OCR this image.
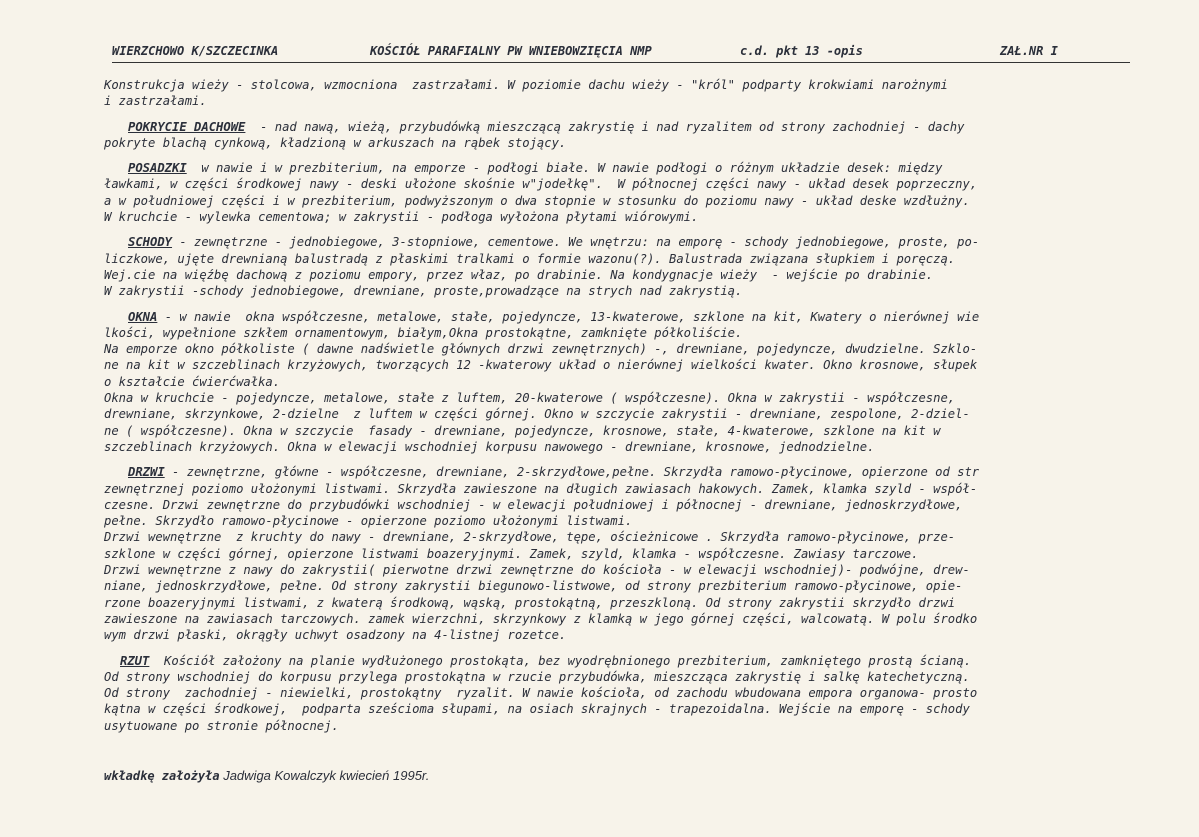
WIERZCHOWO K/SZCZECINKA	KOŚCIÓŁ PARAFIALNY PW WNIEBOWZIĘCIA NMP	c.d. pkt 13 -opis	ZAŁ.NR I
Konstrukcja wieży - stolcowa, wzmocniona  zastrzałami. W poziomie dachu wieży - "król" podparty krokwiami narożnymi
i zastrzałami.
POKRYCIE DACHOWE  - nad nawą, wieżą, przybudówką mieszczącą zakrystię i nad ryzalitem od strony zachodniej - dachy
pokryte blachą cynkową, kładzioną w arkuszach na rąbek stojący.
POSADZKI  w nawie i w prezbiterium, na emporze - podłogi białe. W nawie podłogi o różnym układzie desek: między
ławkami, w części środkowej nawy - deski ułożone skośnie w"jodełkę".  W północnej części nawy - układ desek poprzeczny,
a w południowej części i w prezbiterium, podwyższonym o dwa stopnie w stosunku do poziomu nawy - układ deske wzdłużny.
W kruchcie - wylewka cementowa; w zakrystii - podłoga wyłożona płytami wiórowymi.
SCHODY - zewnętrzne - jednobiegowe, 3-stopniowe, cementowe. We wnętrzu: na emporę - schody jednobiegowe, proste, po-
liczkowe, ujęte drewnianą balustradą z płaskimi tralkami o formie wazonu(?). Balustrada związana słupkiem i poręczą.
Wej.cie na więźbę dachową z poziomu empory, przez właz, po drabinie. Na kondygnacje wieży  - wejście po drabinie.
W zakrystii -schody jednobiegowe, drewniane, proste,prowadzące na strych nad zakrystią.
OKNA - w nawie  okna współczesne, metalowe, stałe, pojedyncze, 13-kwaterowe, szklone na kit, Kwatery o nierównej wie
lkości, wypełnione szkłem ornamentowym, białym,Okna prostokątne, zamknięte półkoliście.
Na emporze okno półkoliste ( dawne nadświetle głównych drzwi zewnętrznych) -, drewniane, pojedyncze, dwudzielne. Szklo-
ne na kit w szczeblinach krzyżowych, tworzących 12 -kwaterowy układ o nierównej wielkości kwater. Okno krosnowe, słupek
o kształcie ćwierćwałka.
Okna w kruchcie - pojedyncze, metalowe, stałe z luftem, 20-kwaterowe ( współczesne). Okna w zakrystii - współczesne,
drewniane, skrzynkowe, 2-dzielne  z luftem w części górnej. Okno w szczycie zakrystii - drewniane, zespolone, 2-dziel-
ne ( współczesne). Okna w szczycie  fasady - drewniane, pojedyncze, krosnowe, stałe, 4-kwaterowe, szklone na kit w
szczeblinach krzyżowych. Okna w elewacji wschodniej korpusu nawowego - drewniane, krosnowe, jednodzielne.
DRZWI - zewnętrzne, główne - współczesne, drewniane, 2-skrzydłowe,pełne. Skrzydła ramowo-płycinowe, opierzone od str
zewnętrznej poziomo ułożonymi listwami. Skrzydła zawieszone na długich zawiasach hakowych. Zamek, klamka szyld - współ-
czesne. Drzwi zewnętrzne do przybudówki wschodniej - w elewacji południowej i północnej - drewniane, jednoskrzydłowe,
pełne. Skrzydło ramowo-płycinowe - opierzone poziomo ułożonymi listwami.
Drzwi wewnętrzne  z kruchty do nawy - drewniane, 2-skrzydłowe, tępe, ościeżnicowe . Skrzydła ramowo-płycinowe, prze-
szklone w części górnej, opierzone listwami boazeryjnymi. Zamek, szyld, klamka - współczesne. Zawiasy tarczowe.
Drzwi wewnętrzne z nawy do zakrystii( pierwotne drzwi zewnętrzne do kościoła - w elewacji wschodniej)- podwójne, drew-
niane, jednoskrzydłowe, pełne. Od strony zakrystii biegunowo-listwowe, od strony prezbiterium ramowo-płycinowe, opie-
rzone boazeryjnymi listwami, z kwaterą środkową, wąską, prostokątną, przeszkloną. Od strony zakrystii skrzydło drzwi
zawieszone na zawiasach tarczowych. zamek wierzchni, skrzynkowy z klamką w jego górnej części, walcowatą. W polu środko
wym drzwi płaski, okrągły uchwyt osadzony na 4-listnej rozetce.
RZUT  Kościół założony na planie wydłużonego prostokąta, bez wyodrębnionego prezbiterium, zamkniętego prostą ścianą.
Od strony wschodniej do korpusu przylega prostokątna w rzucie przybudówka, mieszcząca zakrystię i salkę katechetyczną.
Od strony  zachodniej - niewielki, prostokątny  ryzalit. W nawie kościoła, od zachodu wbudowana empora organowa- prosto
kątna w części środkowej,  podparta sześcioma słupami, na osiach skrajnych - trapezoidalna. Wejście na emporę - schody
usytuowane po stronie północnej.
wkładkę założyła Jadwiga Kowalczyk kwiecień 1995r.
